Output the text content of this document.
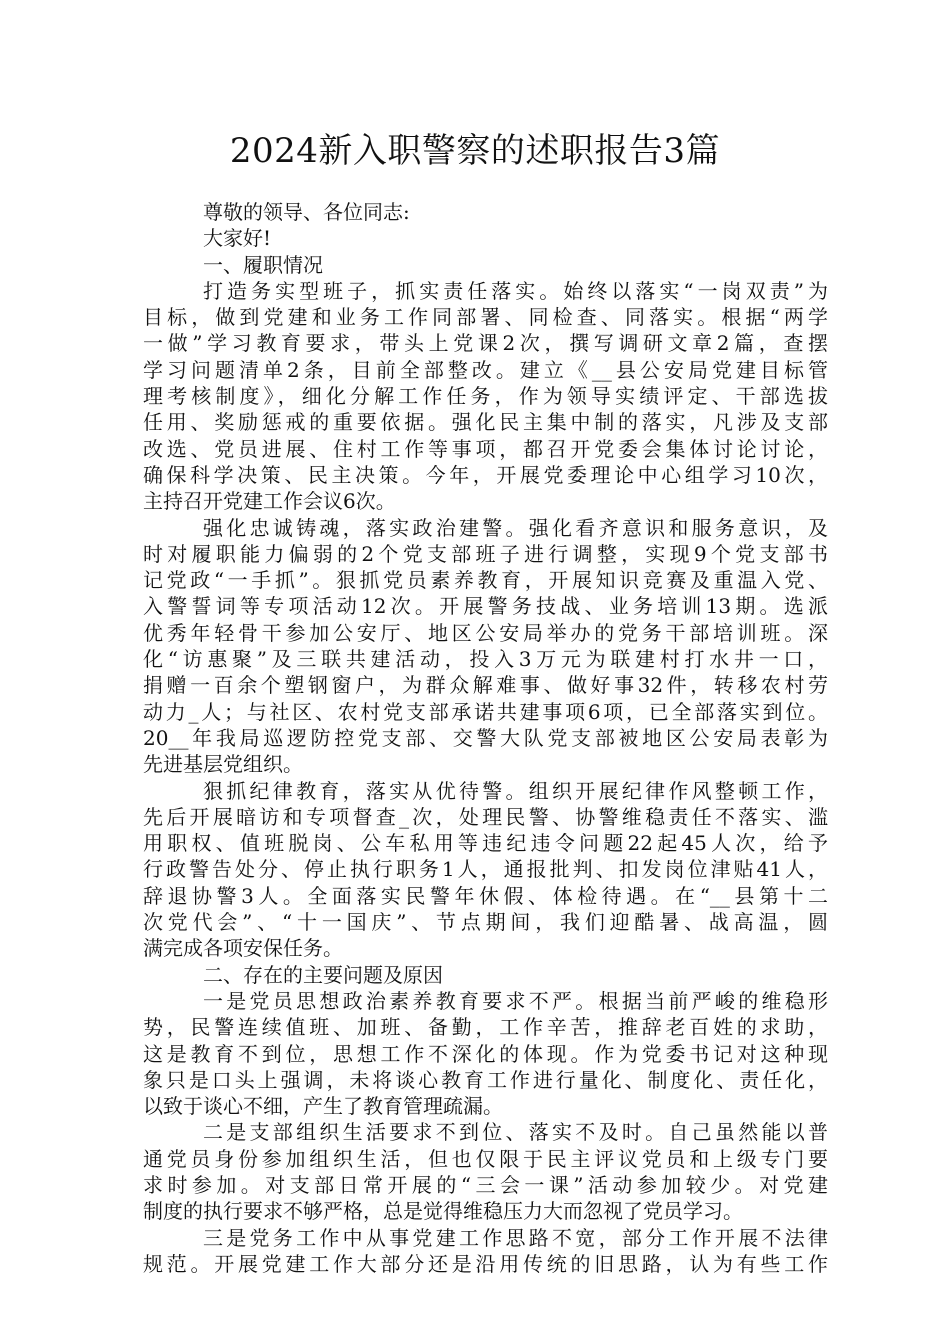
2024新入职警察的述职报告3篇
尊敬的领导、各位同志:
大家好!
一、履职情况
打造务实型班子，抓实责任落实。始终以落实“一岗双责”为
目标，做到党建和业务工作同部署、同检查、同落实。根据“两学
一做”学习教育要求，带头上党课2次，撰写调研文章2篇，查摆
学习问题清单2条，目前全部整改。建立《__县公安局党建目标管
理考核制度》，细化分解工作任务，作为领导实绩评定、干部选拔
任用、奖励惩戒的重要依据。强化民主集中制的落实，凡涉及支部
改选、党员进展、住村工作等事项，都召开党委会集体讨论讨论，
确保科学决策、民主决策。今年，开展党委理论中心组学习10次，
主持召开党建工作会议6次。
强化忠诚铸魂，落实政治建警。强化看齐意识和服务意识，及
时对履职能力偏弱的2个党支部班子进行调整，实现9个党支部书
记党政“一手抓”。狠抓党员素养教育，开展知识竞赛及重温入党、
入警誓词等专项活动12次。开展警务技战、业务培训13期。选派
优秀年轻骨干参加公安厅、地区公安局举办的党务干部培训班。深
化“访惠聚”及三联共建活动，投入3万元为联建村打水井一口，
捐赠一百余个塑钢窗户，为群众解难事、做好事32件，转移农村劳
动力_人；与社区、农村党支部承诺共建事项6项，已全部落实到位。
20__年我局巡逻防控党支部、交警大队党支部被地区公安局表彰为
先进基层党组织。
狠抓纪律教育，落实从优待警。组织开展纪律作风整顿工作，
先后开展暗访和专项督查_次，处理民警、协警维稳责任不落实、滥
用职权、值班脱岗、公车私用等违纪违令问题22起45人次，给予
行政警告处分、停止执行职务1人，通报批判、扣发岗位津贴41人，
辞退协警3人。全面落实民警年休假、体检待遇。在“__县第十二
次党代会”、“十一国庆”、节点期间，我们迎酷暑、战高温，圆
满完成各项安保任务。
二、存在的主要问题及原因
一是党员思想政治素养教育要求不严。根据当前严峻的维稳形
势，民警连续值班、加班、备勤，工作辛苦，推辞老百姓的求助，
这是教育不到位，思想工作不深化的体现。作为党委书记对这种现
象只是口头上强调，未将谈心教育工作进行量化、制度化、责任化，
以致于谈心不细，产生了教育管理疏漏。
二是支部组织生活要求不到位、落实不及时。自己虽然能以普
通党员身份参加组织生活，但也仅限于民主评议党员和上级专门要
求时参加。对支部日常开展的“三会一课”活动参加较少。对党建
制度的执行要求不够严格，总是觉得维稳压力大而忽视了党员学习。
三是党务工作中从事党建工作思路不宽，部分工作开展不法律
规范。开展党建工作大部分还是沿用传统的旧思路，认为有些工作
